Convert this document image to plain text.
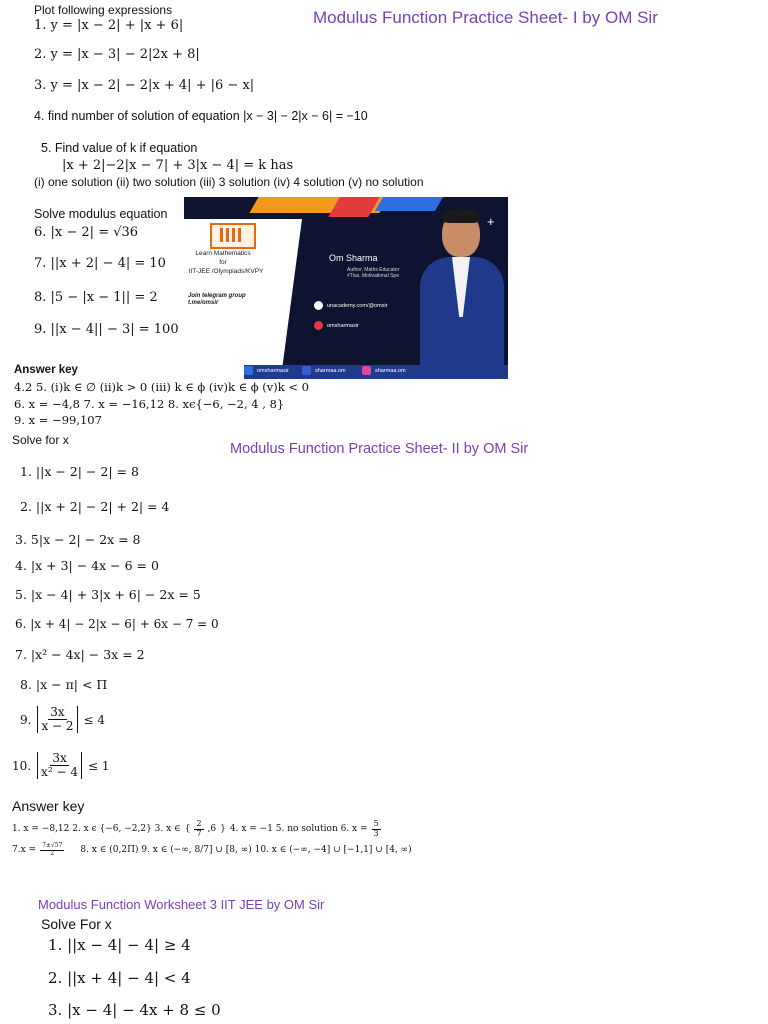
Plot following expressions	Modulus Function Practice Sheet- I by OM Sir
1. y = |x − 2| + |x + 6|
2. y = |x − 3| − 2|2x + 8|
3. y = |x − 2| − 2|x + 4| + |6 − x|
4. find number of solution of equation |x − 3| − 2|x − 6| = −10
5. Find value of k if equation
|x + 2|−2|x − 7| + 3|x − 4| = k has
(i) one solution (ii) two solution (iii) 3 solution (iv) 4 solution (v) no solution
Solve modulus equation
6. |x − 2| = √36
7. ||x + 2| − 4| = 10
8. |5 − |x − 1|| = 2
9. ||x − 4|| − 3| = 100
Answer key
4.2 5. (i)k ∈ ∅ (ii)k > 0 (iii) k ∈ ϕ (iv)k ∈ ϕ (v)k < 0
6. x = −4,8 7. x = −16,12 8. xϵ{−6, −2, 4 , 8}
9. x = −99,107
Learn Mathematics
for
IIT-JEE /Olympiads/KVPY
Join telegram group
t.me/omsir
+
Om Sharma
Author, Maths Educator
#Tlas, Motivational Spe
unacademy.com/@omsir
omsharmasir
omsharmasir	sharmaa.om	sharmaa.om
Solve for x
Modulus Function Practice Sheet- II by OM Sir
1. ||x − 2| − 2| = 8
2. ||x + 2| − 2| + 2| = 4
3. 5|x − 2| − 2x = 8
4. |x + 3| − 4x − 6 = 0
5. |x − 4| + 3|x + 6| − 2x = 5
6. |x + 4| − 2|x − 6| + 6x − 7 = 0
7. |x² − 4x| − 3x = 2
8. |x − π| < Π
9. $\frac{3x}{x - 2} \le 4$
10. $\frac{3x}{\text{x² − 4}} \le 1$
Answer key
1. x = −8,12 2. x ϵ {−6, −2,2} 3. x ∈ { $\frac{2}{7} ,6$ } 4. x = −1 5. no solution 6. $x = \frac{5}{3}$
$7.x = \frac{7\pm√57}{2} 8$. x ∈ (0,2Π) 9. x ∈ (−∞, 8/7] ∪ [8, ∞) 10. x ∈ (−∞, −4] ∪ [−1,1] ∪ [4, ∞)
Modulus Function Worksheet 3 IIT JEE by OM Sir
Solve For x
1. ||x − 4| − 4| ≥ 4
2. ||x + 4| − 4| < 4
3. |x − 4| − 4x + 8 ≤ 0
